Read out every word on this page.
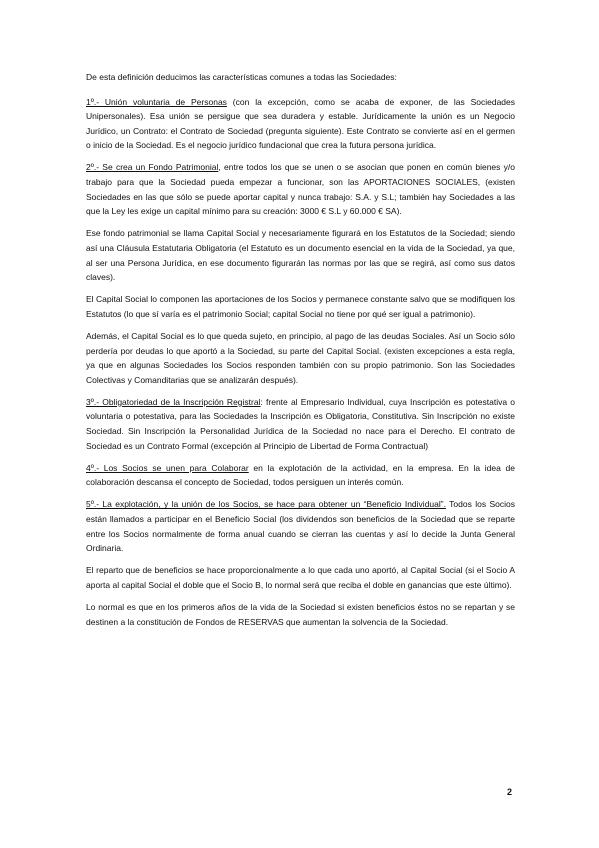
De esta definición deducimos las características comunes a todas las Sociedades:

1º.- Unión voluntaria de Personas (con la excepción, como se acaba de exponer, de las Sociedades Unipersonales). Esa unión se persigue que sea duradera y estable. Jurídicamente la unión es un Negocio Jurídico, un Contrato: el Contrato de Sociedad (pregunta siguiente). Este Contrato se convierte así en el germen o inicio de la Sociedad. Es el negocio jurídico fundacional que crea la futura persona jurídica.

2º.- Se crea un Fondo Patrimonial, entre todos los que se unen o se asocian que ponen en común bienes y/o trabajo para que la Sociedad pueda empezar a funcionar, son las APORTACIONES SOCIALES, (existen Sociedades en las que sólo se puede aportar capital y nunca trabajo: S.A. y S.L; también hay Sociedades a las que la Ley les exige un capital mínimo para su creación: 3000 € S.L y 60.000 € SA).

Ese fondo patrimonial se llama Capital Social y necesariamente figurará en los Estatutos de la Sociedad; siendo así una Cláusula Estatutaria Obligatoria (el Estatuto es un documento esencial en la vida de la Sociedad, ya que, al ser una Persona Jurídica, en ese documento figurarán las normas por las que se regirá, así como sus datos claves).

El Capital Social lo componen las aportaciones de los Socios y permanece constante salvo que se modifiquen los Estatutos (lo que sí varía es el patrimonio Social; capital Social no tiene por qué ser igual a patrimonio).

Además, el Capital Social es lo que queda sujeto, en principio, al pago de las deudas Sociales. Así un Socio sólo perdería por deudas lo que aportó a la Sociedad, su parte del Capital Social. (existen excepciones a esta regla, ya que en algunas Sociedades los Socios responden también con su propio patrimonio. Son las Sociedades Colectivas y Comanditarias que se analizarán después).

3º.- Obligatoriedad de la Inscripción Registral: frente al Empresario Individual, cuya Inscripción es potestativa o voluntaria o potestativa, para las Sociedades la Inscripción es Obligatoria, Constitutiva. Sin Inscripción no existe Sociedad. Sin Inscripción la Personalidad Jurídica de la Sociedad no nace para el Derecho. El contrato de Sociedad es un Contrato Formal (excepción al Principio de Libertad de Forma Contractual)

4º.- Los Socios se unen para Colaborar en la explotación de la actividad, en la empresa. En la idea de colaboración descansa el concepto de Sociedad, todos persiguen un interés común.

5º.- La explotación, y la unión de los Socios, se hace para obtener un “Beneficio Individual”. Todos los Socios están llamados a participar en el Beneficio Social (los dividendos son beneficios de la Sociedad que se reparte entre los Socios normalmente de forma anual cuando se cierran las cuentas y así lo decide la Junta General Ordinaria.

El reparto que de beneficios se hace proporcionalmente a lo que cada uno aportó, al Capital Social (si el Socio A aporta al capital Social el doble que el Socio B, lo normal será que reciba el doble en ganancias que este último).

Lo normal es que en los primeros años de la vida de la Sociedad si existen beneficios éstos no se repartan y se destinen a la constitución de Fondos de RESERVAS que aumentan la solvencia de la Sociedad.

2
